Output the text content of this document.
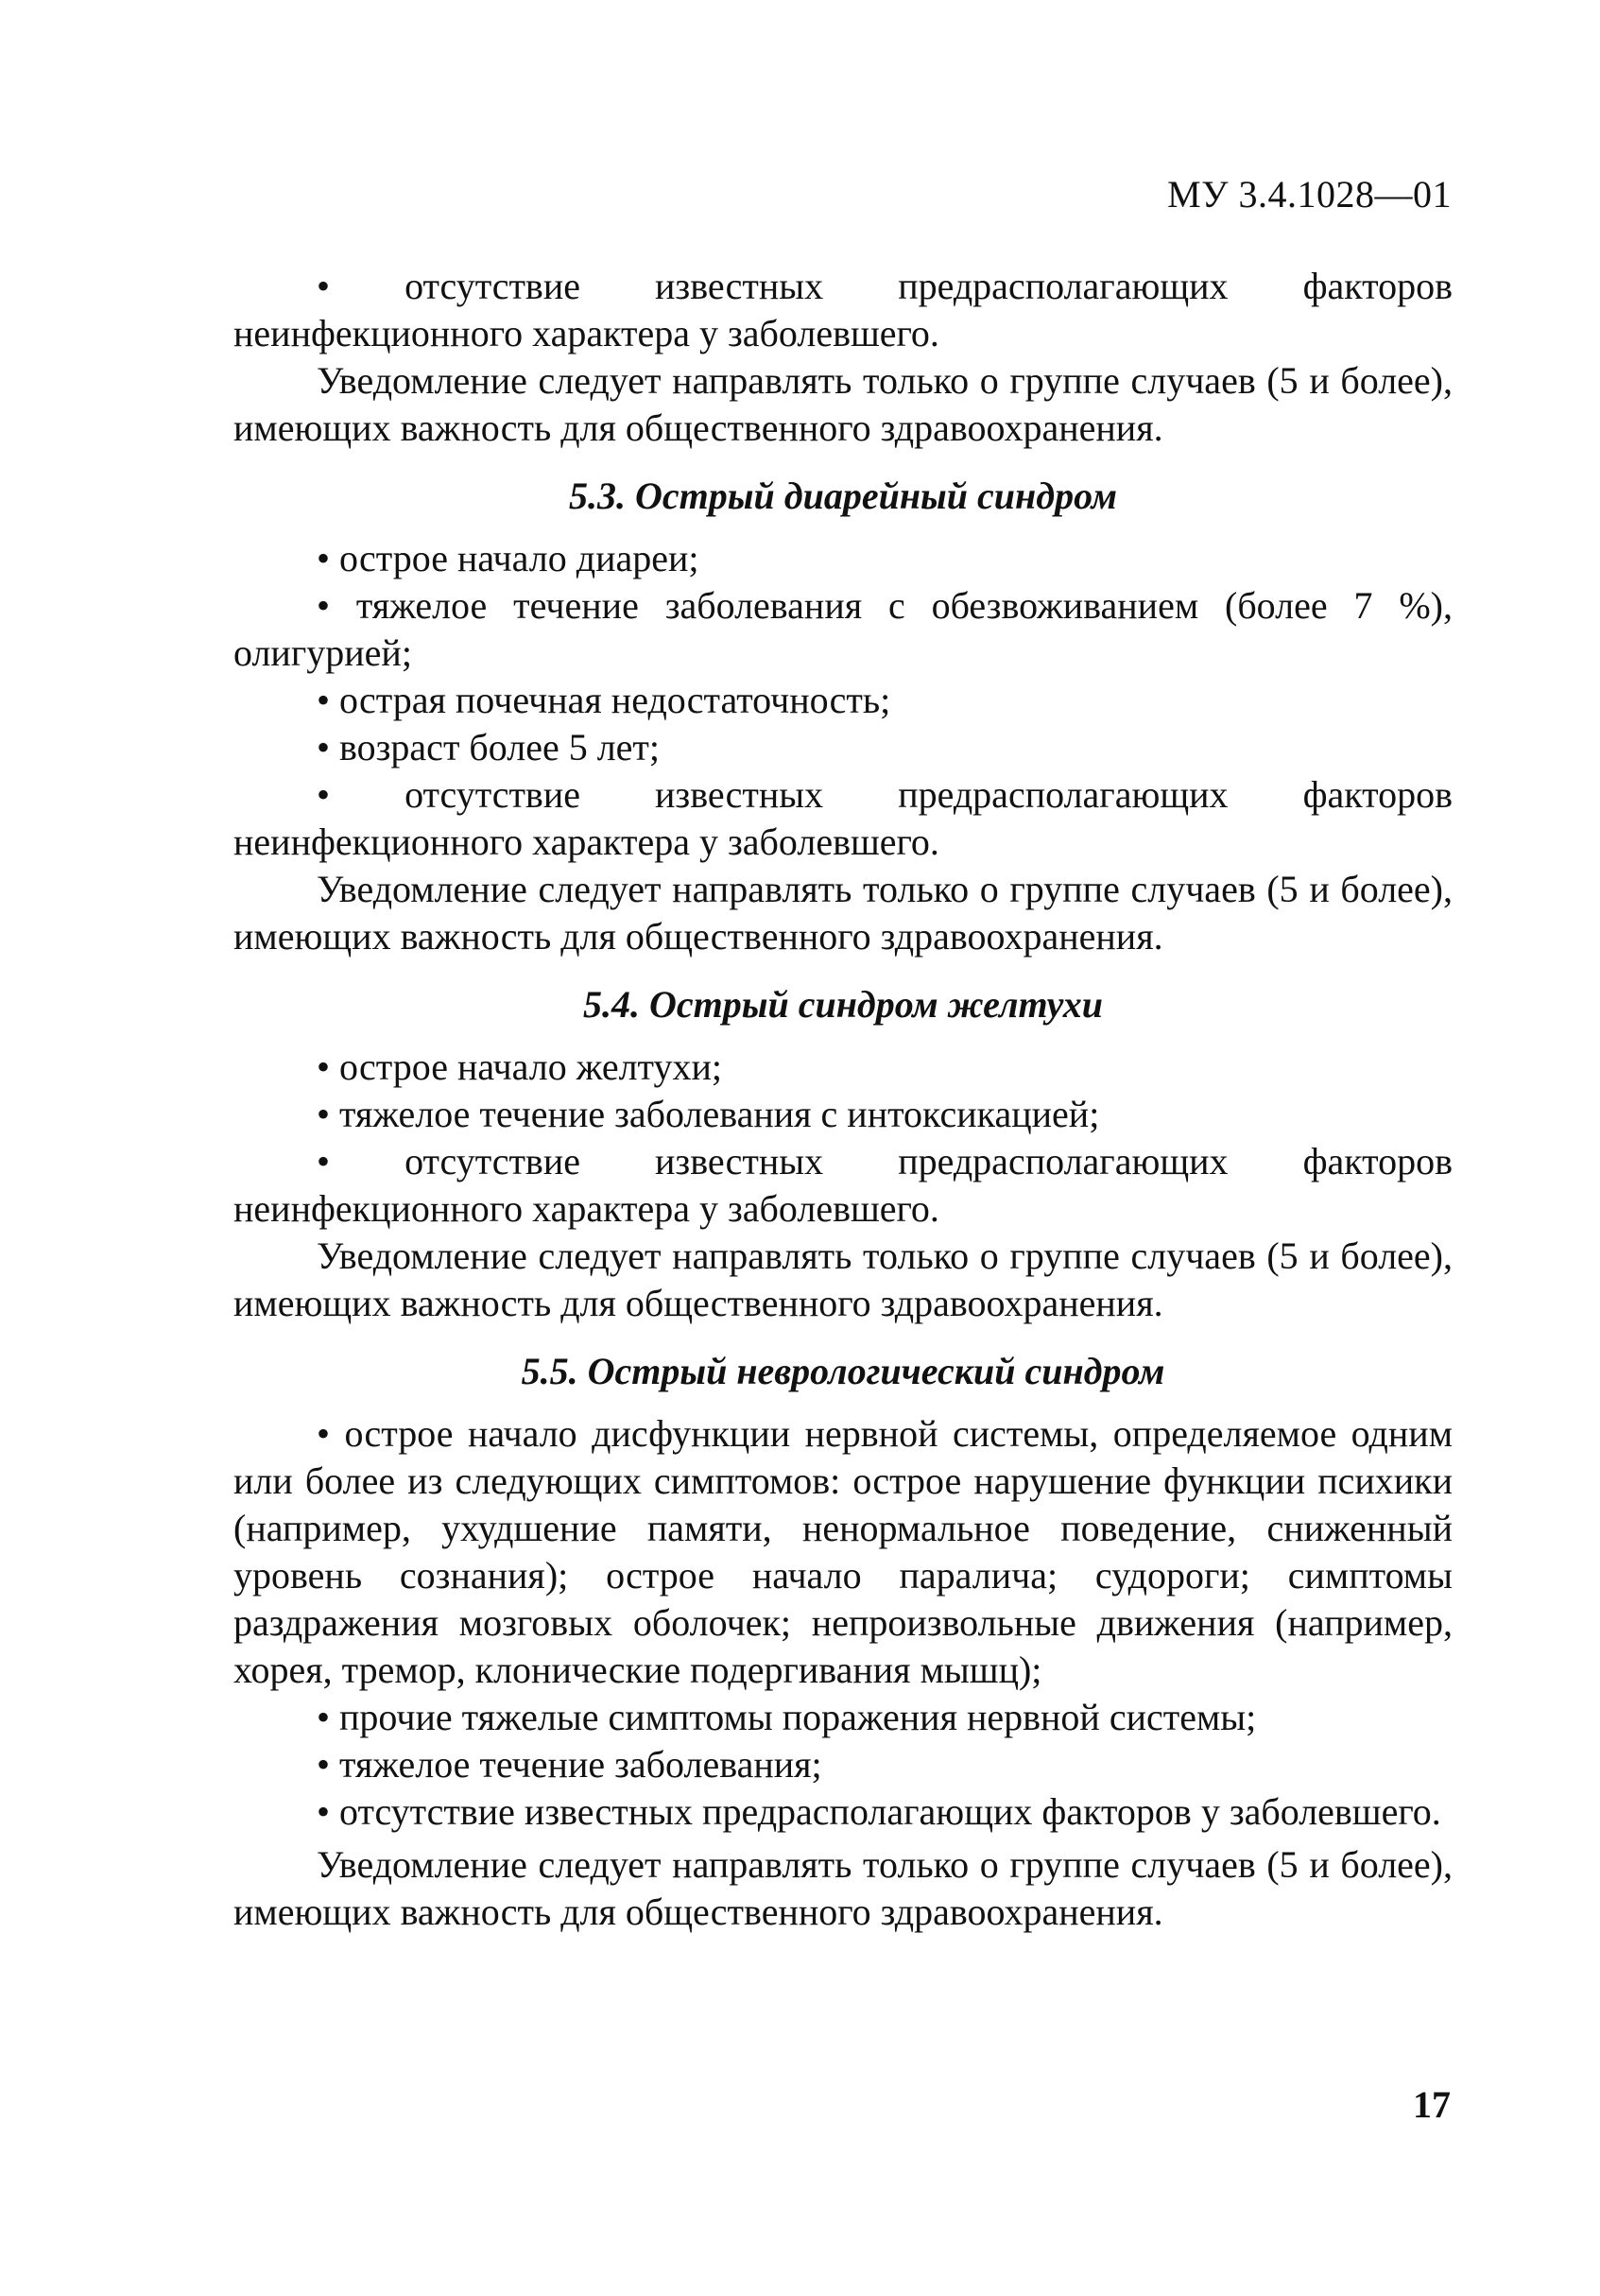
МУ 3.4.1028—01

• отсутствие известных предрасполагающих факторов неинфекционного характера у заболевшего.

Уведомление следует направлять только о группе случаев (5 и более), имеющих важность для общественного здравоохранения.

5.3. Острый диарейный синдром

• острое начало диареи;

• тяжелое течение заболевания с обезвоживанием (более 7 %), олигурией;

• острая почечная недостаточность;

• возраст более 5 лет;

• отсутствие известных предрасполагающих факторов неинфекционного характера у заболевшего.

Уведомление следует направлять только о группе случаев (5 и более), имеющих важность для общественного здравоохранения.

5.4. Острый синдром желтухи

• острое начало желтухи;

• тяжелое течение заболевания с интоксикацией;

• отсутствие известных предрасполагающих факторов неинфекционного характера у заболевшего.

Уведомление следует направлять только о группе случаев (5 и более), имеющих важность для общественного здравоохранения.

5.5. Острый неврологический синдром

• острое начало дисфункции нервной системы, определяемое одним или более из следующих симптомов: острое нарушение функции психики (например, ухудшение памяти, ненормальное поведение, сниженный уровень сознания); острое начало паралича; судороги; симптомы раздражения мозговых оболочек; непроизвольные движения (например, хорея, тремор, клонические подергивания мышц);

• прочие тяжелые симптомы поражения нервной системы;

• тяжелое течение заболевания;

• отсутствие известных предрасполагающих факторов у заболевшего.

Уведомление следует направлять только о группе случаев (5 и более), имеющих важность для общественного здравоохранения.

17
